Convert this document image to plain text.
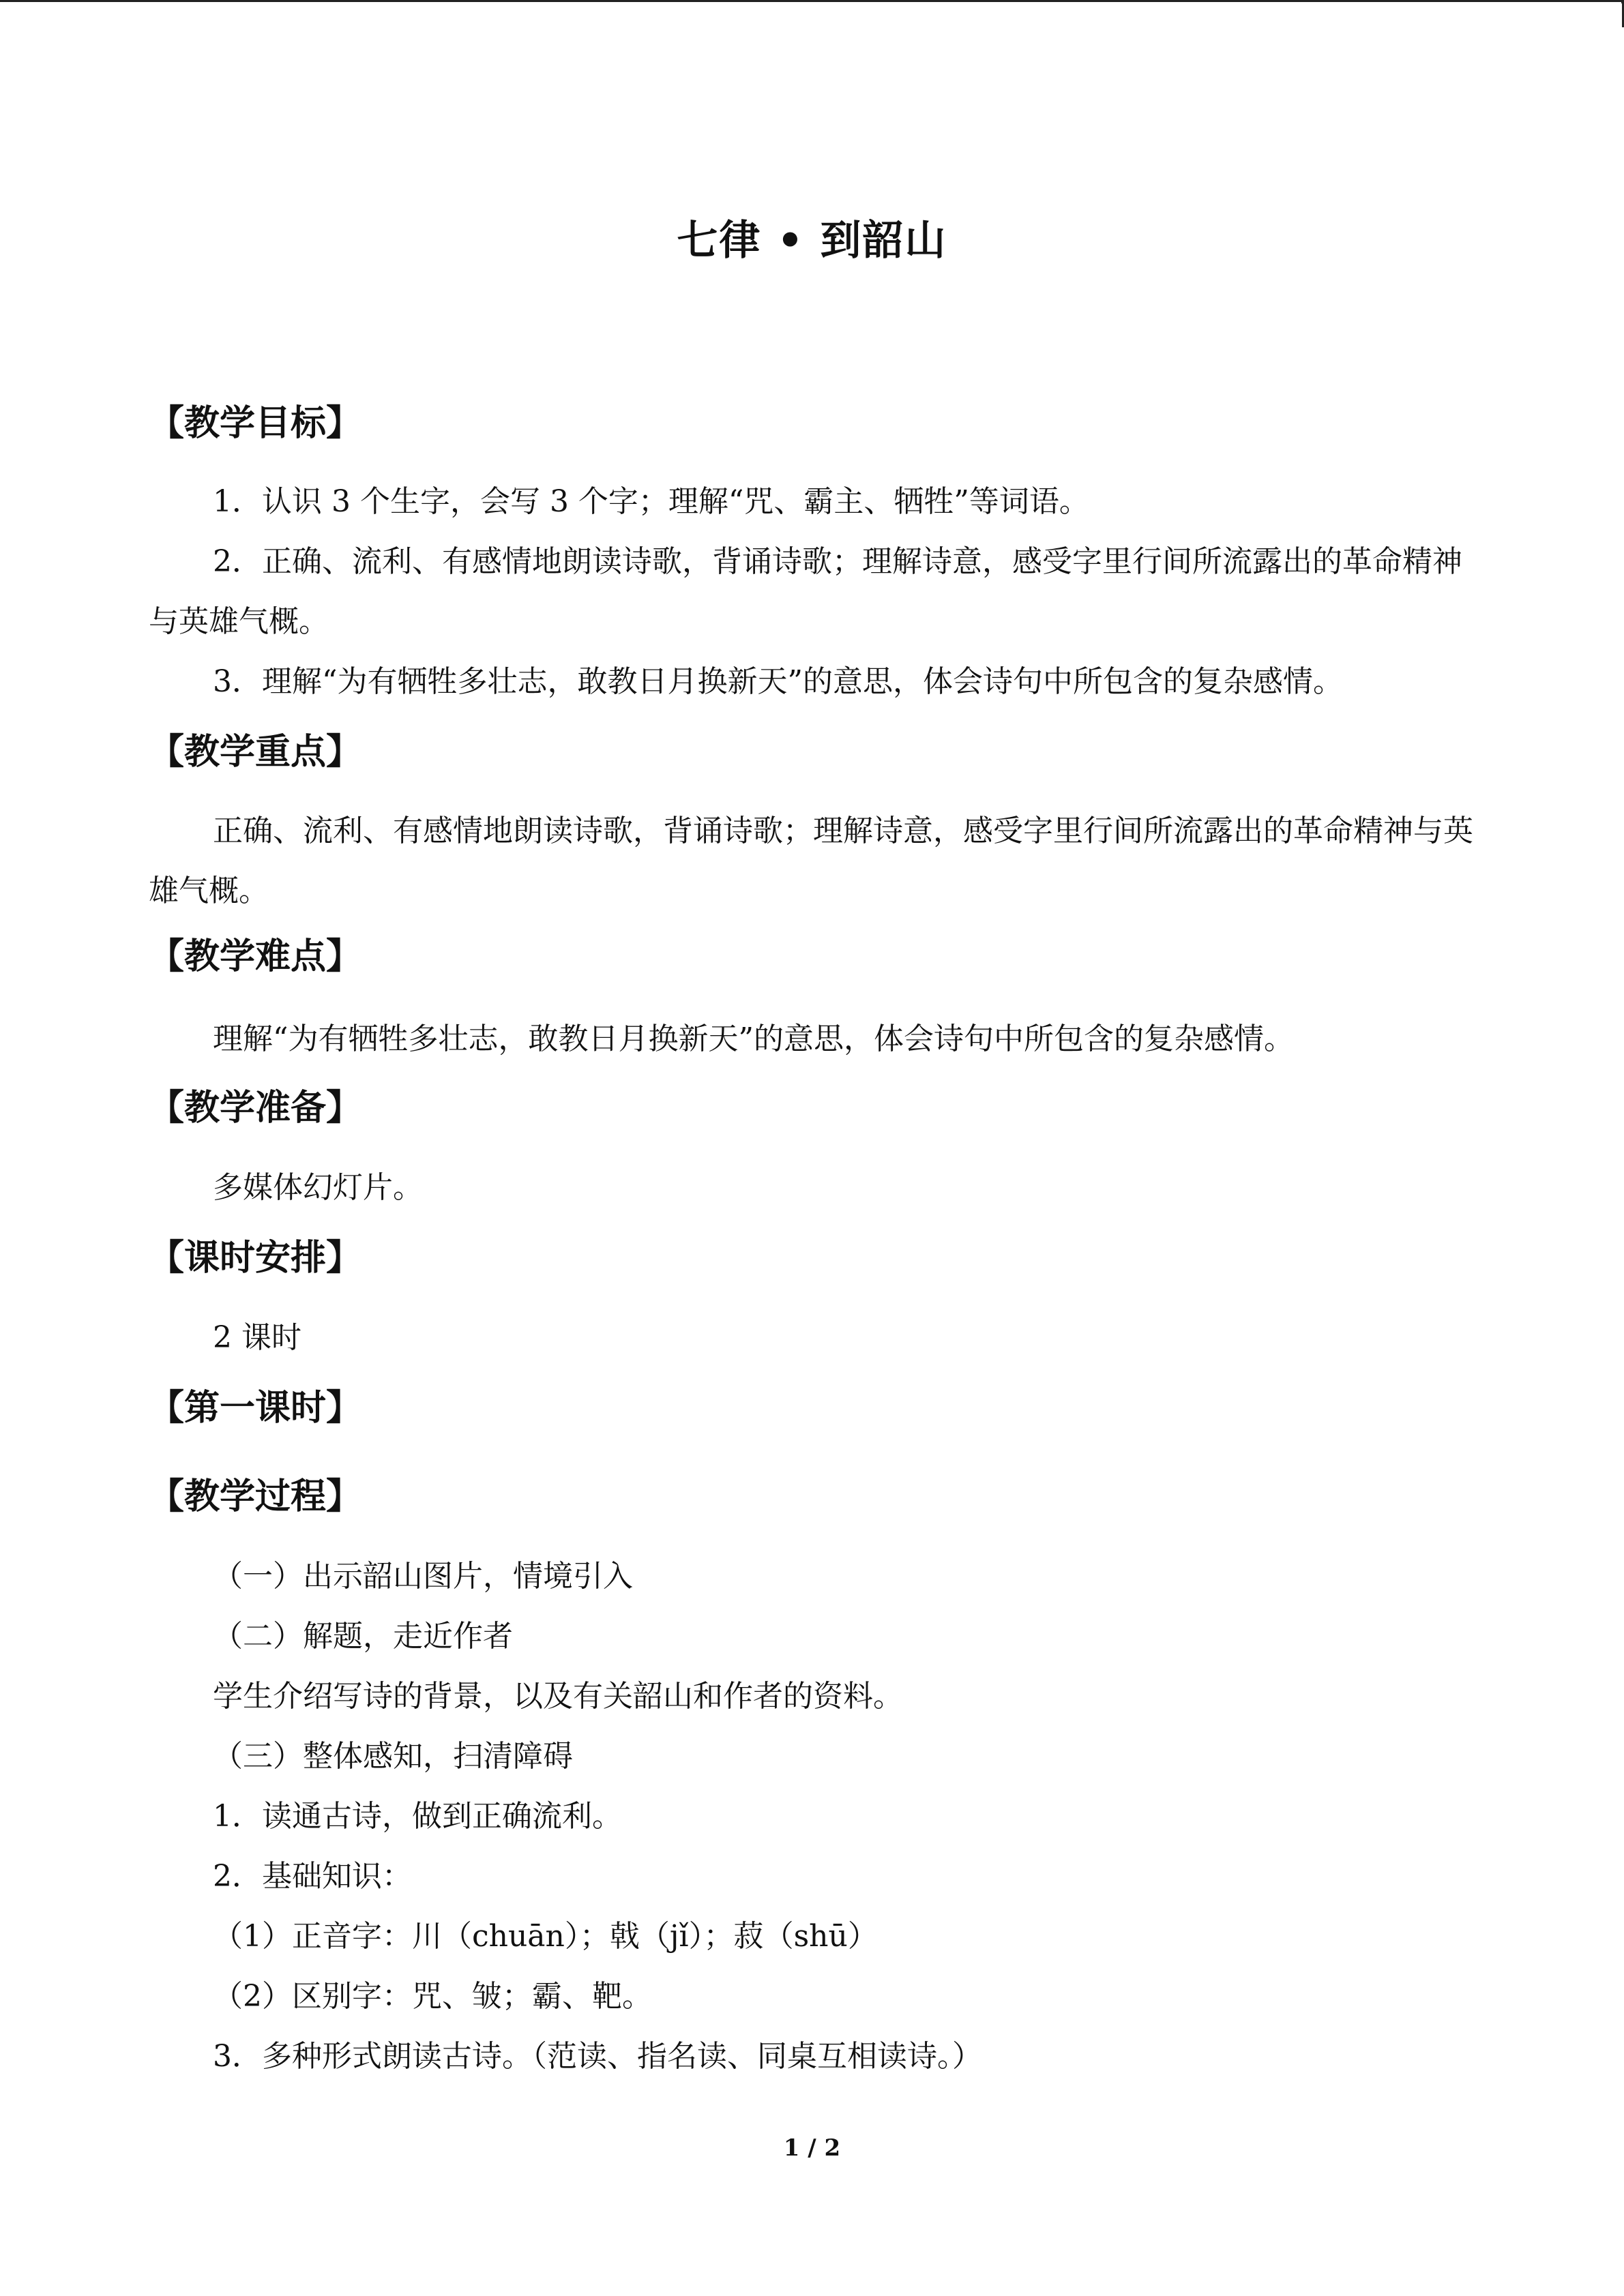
七律 • 到韶山
【教学目标】
1．认识 3 个生字，会写 3 个字；理解“咒、霸主、牺牲”等词语。
2．正确、流利、有感情地朗读诗歌，背诵诗歌；理解诗意，感受字里行间所流露出的革命精神与英雄气概。
3．理解“为有牺牲多壮志，敢教日月换新天”的意思，体会诗句中所包含的复杂感情。
【教学重点】
正确、流利、有感情地朗读诗歌，背诵诗歌；理解诗意，感受字里行间所流露出的革命精神与英雄气概。
【教学难点】
理解“为有牺牲多壮志，敢教日月换新天”的意思，体会诗句中所包含的复杂感情。
【教学准备】
多媒体幻灯片。
【课时安排】
2 课时
【第一课时】
【教学过程】
（一）出示韶山图片，情境引入
（二）解题，走近作者
学生介绍写诗的背景，以及有关韶山和作者的资料。
（三）整体感知，扫清障碍
1．读通古诗，做到正确流利。
2．基础知识：
（1）正音字：川（chuān）；戟（jǐ）；菽（shū）
（2）区别字：咒、皱；霸、靶。
3．多种形式朗读古诗。（范读、指名读、同桌互相读诗。）
1 / 2
